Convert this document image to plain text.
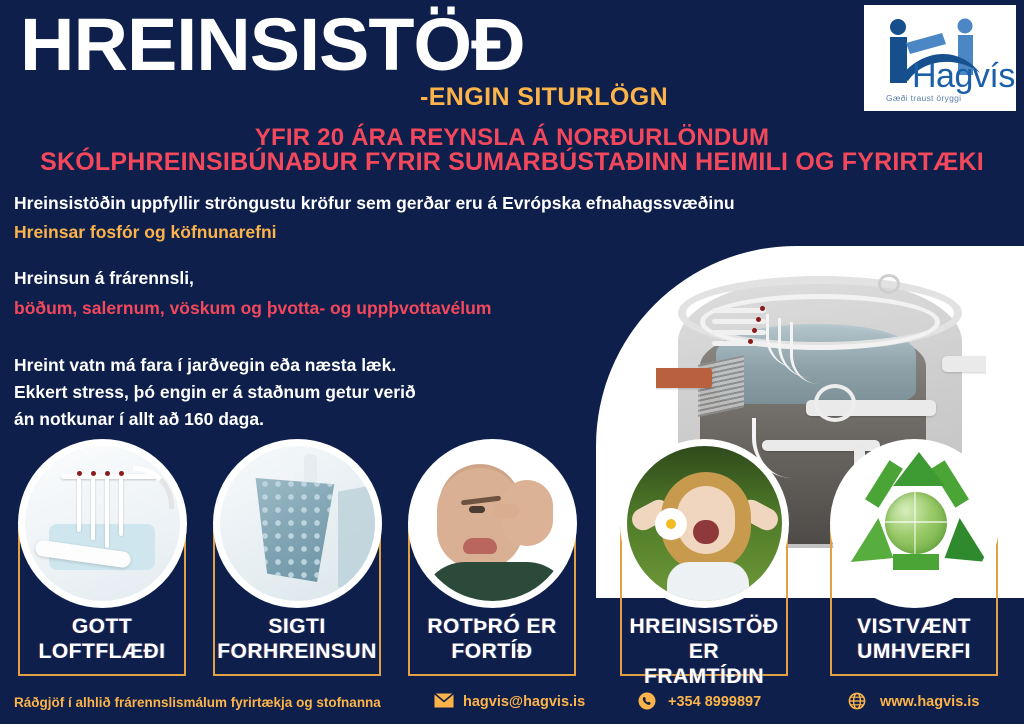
HREINSISTÖÐ
-ENGIN SITURLÖGN
Hagvís
Gæði traust öryggi
YFIR 20 ÁRA REYNSLA Á NORÐURLÖNDUM
SKÓLPHREINSIBÚNAÐUR FYRIR SUMARBÚSTAÐINN HEIMILI OG FYRIRTÆKI
Hreinsistöðin uppfyllir ströngustu kröfur sem gerðar eru á Evrópska efnahagssvæðinu
Hreinsar fosfór og köfnunarefni
Hreinsun á frárennsli,
böðum, salernum, vöskum og þvotta- og uppþvottavélum
Hreint vatn má fara í jarðvegin eða næsta læk.
Ekkert stress, þó engin er á staðnum getur verið
án notkunar í allt að 160 daga.
GOTT
LOFTFLÆÐI
SIGTI
FORHREINSUN
ROTÞRÓ ER
FORTÍÐ
HREINSISTÖÐ ER
FRAMTÍÐIN
VISTVÆNT
UMHVERFI
Ráðgjöf í alhlið frárennslismálum fyrirtækja og stofnanna	hagvis@hagvis.is	+354 8999897	www.hagvis.is
